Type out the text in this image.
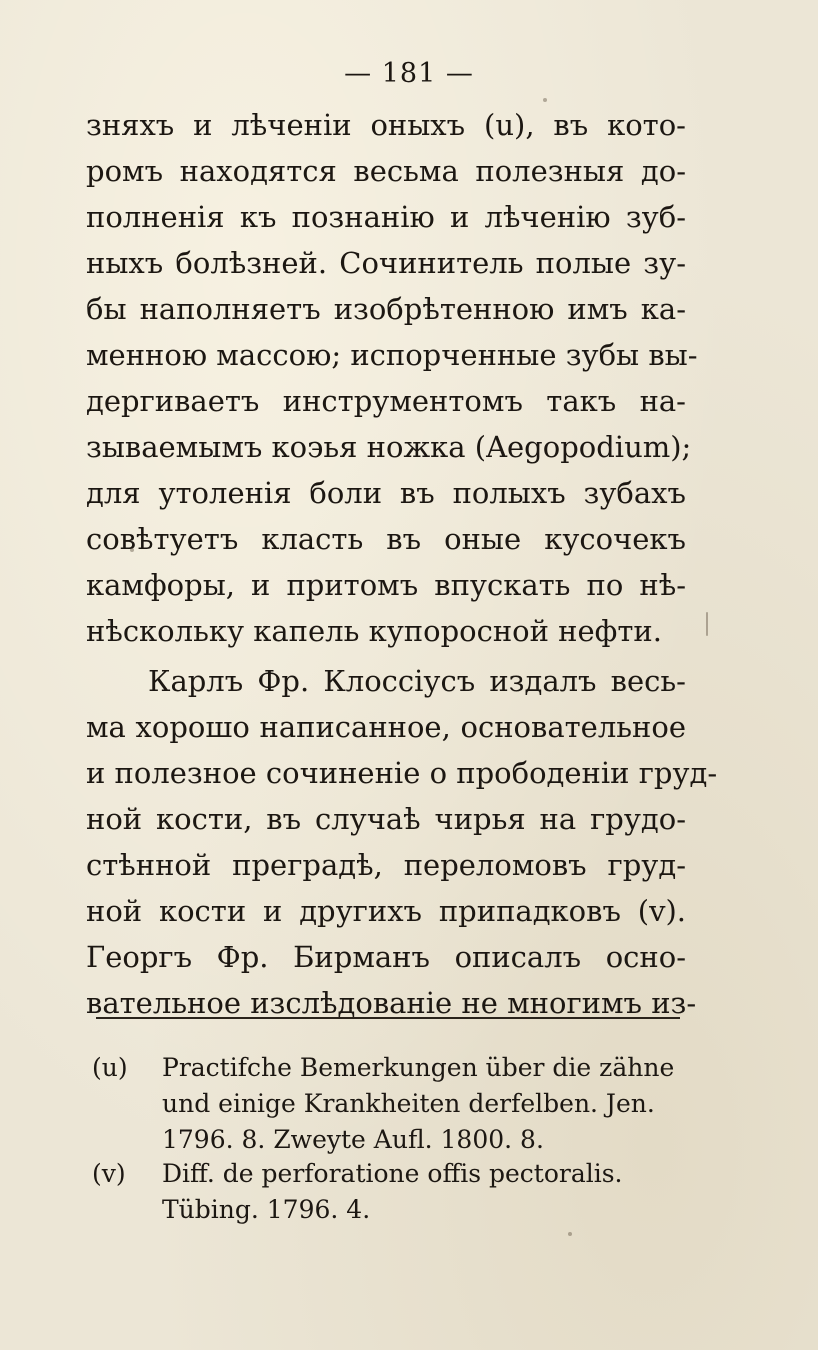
— 181 —
зняхъ и лѣченіи оныхъ (u), въ кото-
ромъ находятся весьма полезныя до-
полненія къ познанію и лѣченію зуб-
ныхъ болѣзней. Сочинитель полые зу-
бы наполняетъ изобрѣтенною имъ ка-
менною массою; испорченные зубы вы-
дергиваетъ инструментомъ такъ на-
зываемымъ коэья ножка (Aegopodium);
для утоленія боли въ полыхъ зубахъ
совѣтуетъ класть въ оные кусочекъ
камфоры, и притомъ впускать по нѣ-
нѣскольку капель купоросной нефти.
Карлъ Фр. Клоссіусъ издалъ весь-
ма хорошо написанное, основательное
и полезное сочиненіе о прободеніи груд-
ной кости, въ случаѣ чирья на грудо-
стѣнной преградѣ, переломовъ груд-
ной кости и другихъ припадковъ (v).
Георгъ Фр. Бирманъ описалъ осно-
вательное изслѣдованіе не многимъ из-
(u) Practifche Bemerkungen über die zähne
und einige Krankheiten derfelben. Jen.
1796. 8. Zweyte Aufl. 1800. 8.
(v) Diff. de perforatione offis pectoralis.
Tübing. 1796. 4.
